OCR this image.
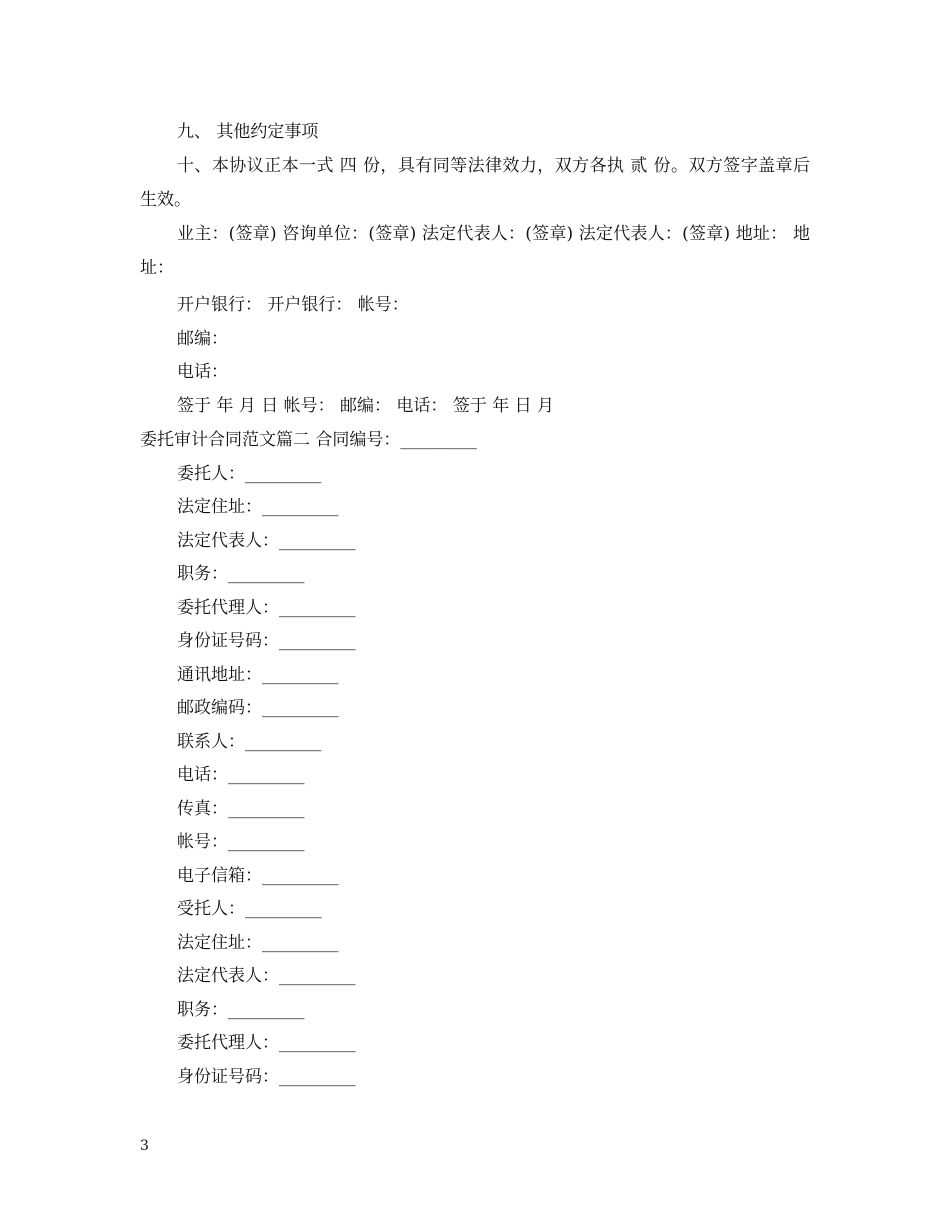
九、 其他约定事项
十、本协议正本一式 四 份，具有同等法律效力，双方各执 贰 份。双方签字盖章后生效。
业主：(签章) 咨询单位：(签章) 法定代表人：(签章) 法定代表人：(签章) 地址： 地址：
开户银行： 开户银行： 帐号：
邮编：
电话：
签于 年 月 日 帐号： 邮编： 电话： 签于 年 日 月
委托审计合同范文篇二 合同编号：_________
委托人：_________
法定住址：_________
法定代表人：_________
职务：_________
委托代理人：_________
身份证号码：_________
通讯地址：_________
邮政编码：_________
联系人：_________
电话：_________
传真：_________
帐号：_________
电子信箱：_________
受托人：_________
法定住址：_________
法定代表人：_________
职务：_________
委托代理人：_________
身份证号码：_________
3
